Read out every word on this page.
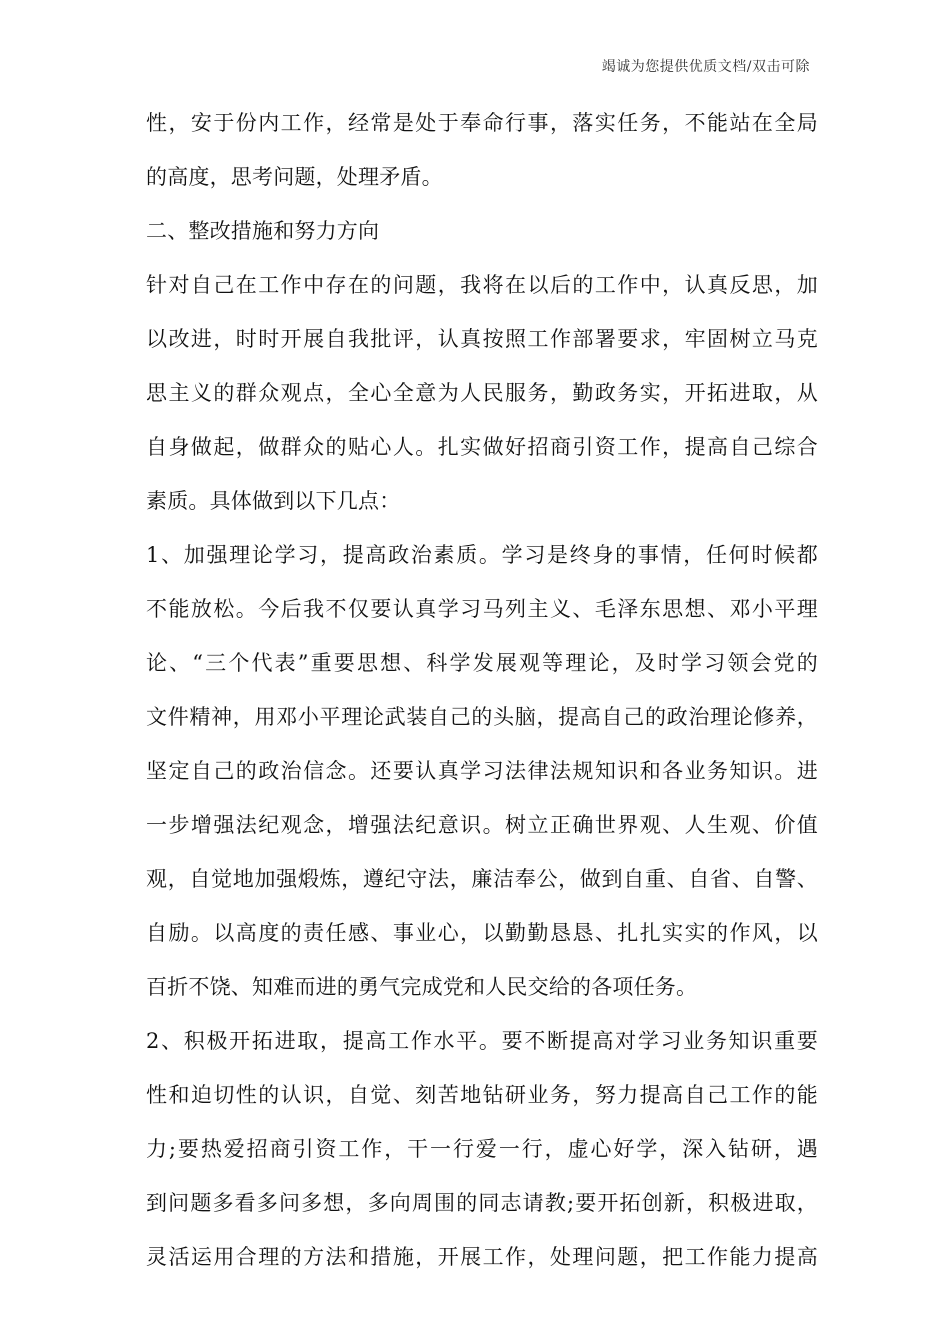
竭诚为您提供优质文档/双击可除
性，安于份内工作，经常是处于奉命行事，落实任务，不能站在全局
的高度，思考问题，处理矛盾。
二、整改措施和努力方向
针对自己在工作中存在的问题，我将在以后的工作中，认真反思，加
以改进，时时开展自我批评，认真按照工作部署要求，牢固树立马克
思主义的群众观点，全心全意为人民服务，勤政务实，开拓进取，从
自身做起，做群众的贴心人。扎实做好招商引资工作，提高自己综合
素质。具体做到以下几点：
1、加强理论学习，提高政治素质。学习是终身的事情，任何时候都
不能放松。今后我不仅要认真学习马列主义、毛泽东思想、邓小平理
论、“三个代表”重要思想、科学发展观等理论，及时学习领会党的
文件精神，用邓小平理论武装自己的头脑，提高自己的政治理论修养，
坚定自己的政治信念。还要认真学习法律法规知识和各业务知识。进
一步增强法纪观念，增强法纪意识。树立正确世界观、人生观、价值
观，自觉地加强煅炼，遵纪守法，廉洁奉公，做到自重、自省、自警、
自励。以高度的责任感、事业心，以勤勤恳恳、扎扎实实的作风，以
百折不饶、知难而进的勇气完成党和人民交给的各项任务。
2、积极开拓进取，提高工作水平。要不断提高对学习业务知识重要
性和迫切性的认识，自觉、刻苦地钻研业务，努力提高自己工作的能
力;要热爱招商引资工作，干一行爱一行，虚心好学，深入钻研，遇
到问题多看多问多想，多向周围的同志请教;要开拓创新，积极进取，
灵活运用合理的方法和措施，开展工作，处理问题，把工作能力提高
